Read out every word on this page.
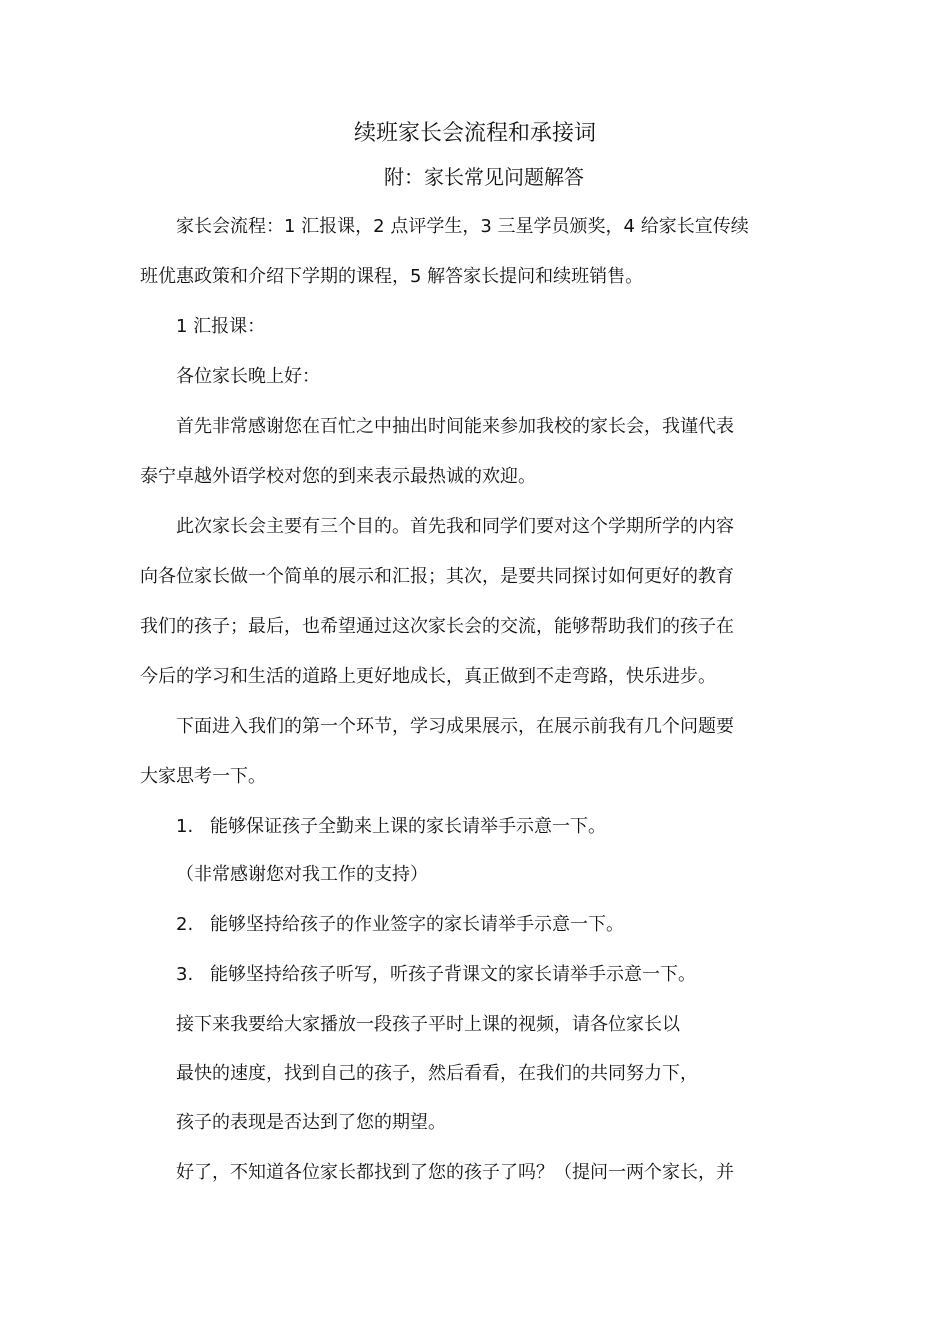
续班家长会流程和承接词
附：家长常见问题解答
家长会流程：1 汇报课，2 点评学生，3 三星学员颁奖，4 给家长宣传续
班优惠政策和介绍下学期的课程，5 解答家长提问和续班销售。
1 汇报课：
各位家长晚上好：
首先非常感谢您在百忙之中抽出时间能来参加我校的家长会，我谨代表
泰宁卓越外语学校对您的到来表示最热诚的欢迎。
此次家长会主要有三个目的。首先我和同学们要对这个学期所学的内容
向各位家长做一个简单的展示和汇报；其次，是要共同探讨如何更好的教育
我们的孩子；最后，也希望通过这次家长会的交流，能够帮助我们的孩子在
今后的学习和生活的道路上更好地成长，真正做到不走弯路，快乐进步。
下面进入我们的第一个环节，学习成果展示，在展示前我有几个问题要
大家思考一下。
1. 能够保证孩子全勤来上课的家长请举手示意一下。
（非常感谢您对我工作的支持）
2. 能够坚持给孩子的作业签字的家长请举手示意一下。
3. 能够坚持给孩子听写，听孩子背课文的家长请举手示意一下。
接下来我要给大家播放一段孩子平时上课的视频，请各位家长以
最快的速度，找到自己的孩子，然后看看，在我们的共同努力下，
孩子的表现是否达到了您的期望。
好了，不知道各位家长都找到了您的孩子了吗？（提问一两个家长，并
